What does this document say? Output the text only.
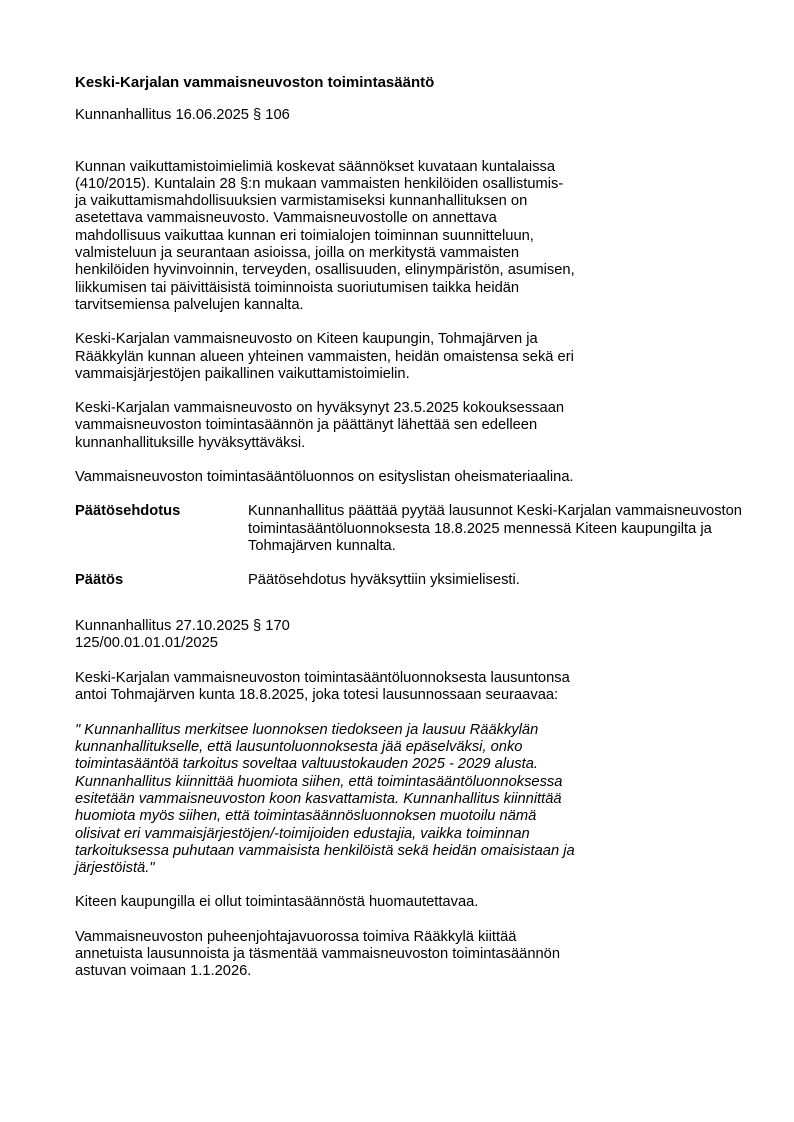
Keski-Karjalan vammaisneuvoston toimintasääntö

Kunnanhallitus 16.06.2025 § 106

Kunnan vaikuttamistoimielimiä koskevat säännökset kuvataan kuntalaissa (410/2015). Kuntalain 28 §:n mukaan vammaisten henkilöiden osallistumis- ja vaikuttamismahdollisuuksien varmistamiseksi kunnanhallituksen on asetettava vammaisneuvosto. Vammaisneuvostolle on annettava mahdollisuus vaikuttaa kunnan eri toimialojen toiminnan suunnitteluun, valmisteluun ja seurantaan asioissa, joilla on merkitystä vammaisten henkilöiden hyvinvoinnin, terveyden, osallisuuden, elinympäristön, asumisen, liikkumisen tai päivittäisistä toiminnoista suoriutumisen taikka heidän tarvitsemiensa palvelujen kannalta.

Keski-Karjalan vammaisneuvosto on Kiteen kaupungin, Tohmajärven ja Rääkkylän kunnan alueen yhteinen vammaisten, heidän omaistensa sekä eri vammaisjärjestöjen paikallinen vaikuttamistoimielin.

Keski-Karjalan vammaisneuvosto on hyväksynyt 23.5.2025 kokouksessaan vammaisneuvoston toimintasäännön ja päättänyt lähettää sen edelleen kunnanhallituksille hyväksyttäväksi.

Vammaisneuvoston toimintasääntöluonnos on esityslistan oheismateriaalina.

Päätösehdotus	Kunnanhallitus päättää pyytää lausunnot Keski-Karjalan vammaisneuvoston toimintasääntöluonnoksesta 18.8.2025 mennessä Kiteen kaupungilta ja Tohmajärven kunnalta.
Päätös	Päätösehdotus hyväksyttiin yksimielisesti.

Kunnanhallitus 27.10.2025 § 170

125/00.01.01.01/2025

Keski-Karjalan vammaisneuvoston toimintasääntöluonnoksesta lausuntonsa antoi Tohmajärven kunta 18.8.2025, joka totesi lausunnossaan seuraavaa:

" Kunnanhallitus merkitsee luonnoksen tiedokseen ja lausuu Rääkkylän kunnanhallitukselle, että lausuntoluonnoksesta jää epäselväksi, onko toimintasääntöä tarkoitus soveltaa valtuustokauden 2025 - 2029 alusta. Kunnanhallitus kiinnittää huomiota siihen, että toimintasääntöluonnoksessa esitetään vammaisneuvoston koon kasvattamista. Kunnanhallitus kiinnittää huomiota myös siihen, että toimintasäännösluonnoksen muotoilu nämä olisivat eri vammaisjärjestöjen/-toimijoiden edustajia, vaikka toiminnan tarkoituksessa puhutaan vammaisista henkilöistä sekä heidän omaisistaan ja järjestöistä."

Kiteen kaupungilla ei ollut toimintasäännöstä huomautettavaa.

Vammaisneuvoston puheenjohtajavuorossa toimiva Rääkkylä kiittää annetuista lausunnoista ja täsmentää vammaisneuvoston toimintasäännön astuvan voimaan 1.1.2026.
